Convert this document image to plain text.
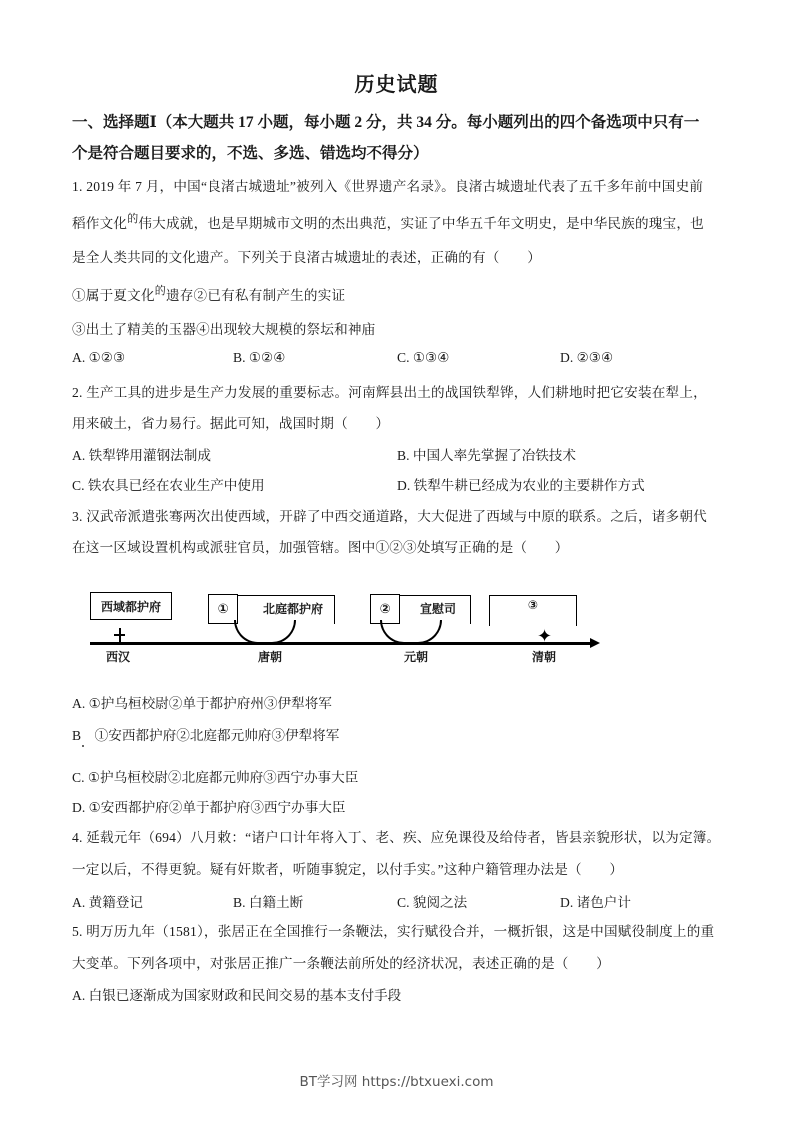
历史试题
一、选择题Ⅰ（本大题共 17 小题，每小题 2 分，共 34 分。每小题列出的四个备选项中只有一
个是符合题目要求的，不选、多选、错选均不得分）
1. 2019 年 7 月，中国“良渚古城遗址”被列入《世界遗产名录》。良渚古城遗址代表了五千多年前中国史前
稻作文化$^的$伟大成就，也是早期城市文明的杰出典范，实证了中华五千年文明史，是中华民族的瑰宝，也
是全人类共同的文化遗产。下列关于良渚古城遗址的表述，正确的有（　　）
①属于夏文化$^的$遗存②已有私有制产生的实证
③出土了精美的玉器④出现较大规模的祭坛和神庙
A. ①②③	B. ①②④	C. ①③④	D. ②③④
2. 生产工具的进步是生产力发展的重要标志。河南辉县出土的战国铁犁铧，人们耕地时把它安装在犁上，
用来破土，省力易行。据此可知，战国时期（　　）
A. 铁犁铧用灌钢法制成	B. 中国人率先掌握了冶铁技术
C. 铁农具已经在农业生产中使用	D. 铁犁牛耕已经成为农业的主要耕作方式
3. 汉武帝派遣张骞两次出使西域，开辟了中西交通道路，大大促进了西域与中原的联系。之后，诸多朝代
在这一区域设置机构或派驻官员，加强管辖。图中①②③处填写正确的是（　　）
西域都护府	北庭都护府
①	宣慰司
②	③
✦
西汉	唐朝	元朝	清朝
A. ①护乌桓校尉②单于都护府州③伊犁将军
B　①安西都护府②北庭都元帅府③伊犁将军
C. ①护乌桓校尉②北庭都元帅府③西宁办事大臣
D. ①安西都护府②单于都护府③西宁办事大臣
4. 延载元年（694）八月敕：“诸户口计年将入丁、老、疾、应免课役及给侍者，皆县亲貌形状，以为定簿。
一定以后，不得更貌。疑有奸欺者，听随事貌定，以付手实。”这种户籍管理办法是（　　）
A. 黄籍登记	B. 白籍土断	C. 貌阅之法	D. 诸色户计
5. 明万历九年（1581），张居正在全国推行一条鞭法，实行赋役合并，一概折银，这是中国赋役制度上的重
大变革。下列各项中，对张居正推广一条鞭法前所处的经济状况，表述正确的是（　　）
A. 白银已逐渐成为国家财政和民间交易的基本支付手段
BT学习网 https://btxuexi.com
